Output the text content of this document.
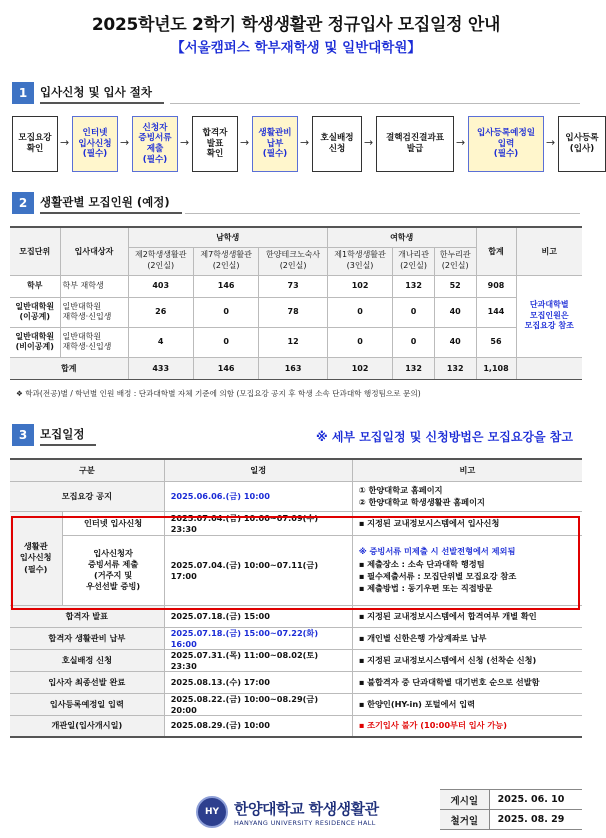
2025학년도 2학기 학생생활관 정규입사 모집일정 안내
【서울캠퍼스 학부재학생 및 일반대학원】
1	입사신청 및 입사 절차
모집요강
확인	→
인터넷
입사신청
(필수)
→
신청자
증빙서류
제출
(필수)
→
합격자
발표
확인
→
생활관비
납부
(필수)
→	호실배정
신청	→	결핵검진결과표
발급	→
입사등록예정일
입력
(필수)
→	입사등록
(입사)
2	생활관별 모집인원 (예정)
모집단위	입사대상자	남학생			여학생			합계	비고
		제2학생생활관
(2인실)	제7학생생활관
(2인실)	한양테크노숙사
(2인실)	제1학생생활관
(3인실)	개나리관
(2인실)	한누리관
(2인실)		
학부	학부 재학생	403	146	73	102	132	52	908	단과대학별
모집인원은
모집요강 참조
일반대학원
(이공계)	일반대학원
재학생·신입생	26	0	78	0	0	40	144	
일반대학원
(비이공계)	일반대학원
재학생·신입생	4	0	12	0	0	40	56	
합계		433	146	163	102	132	132	1,108	
❖ 학과(전공)별 / 학년별 인원 배정 : 단과대학별 자체 기준에 의함 (모집요강 공지 후 학생 소속 단과대학 행정팀으로 문의)
3	모집일정	※ 세부 모집일정 및 신청방법은 모집요강을 참고
구분		일정	비고
모집요강 공지		2025.06.06.(금) 10:00	① 한양대학교 홈페이지
② 한양대학교 학생생활관 홈페이지

생활관
입사신청
(필수)	인터넷 입사신청	2025.07.04.(금) 10:00~07.09(수) 23:30	▪ 지정된 교내정보시스템에서 입사신청
	입사신청자
증빙서류 제출
(거주지 및
우선선발 증빙)	2025.07.04.(금) 10:00~07.11(금) 17:00	※ 증빙서류 미제출 시 선발전형에서 제외됨
▪ 제출장소 : 소속 단과대학 행정팀
▪ 필수제출서류 : 모집단위별 모집요강 참조
▪ 제출방법 : 동기우편 또는 직접방문

합격자 발표		2025.07.18.(금) 15:00	▪ 지정된 교내정보시스템에서 합격여부 개별 확인
합격자 생활관비 납부		2025.07.18.(금) 15:00~07.22(화) 16:00	▪ 개인별 신한은행 가상계좌로 납부
호실배정 신청		2025.07.31.(목) 11:00~08.02(토) 23:30	▪ 지정된 교내정보시스템에서 신청 (선착순 신청)
입사자 최종선발 완료		2025.08.13.(수) 17:00	▪ 불합격자 중 단과대학별 대기번호 순으로 선발함
입사등록예정일 입력		2025.08.22.(금) 10:00~08.29(금) 20:00	▪ 한양인(HY-in) 포털에서 입력
개관일(입사개시일)		2025.08.29.(금) 10:00	▪ 조기입사 불가 (10:00부터 입사 가능)
HY 한양대학교 학생생활관
HANYANG UNIVERSITY RESIDENCE HALL
게시일	2025. 06. 10
철거일	2025. 08. 29
